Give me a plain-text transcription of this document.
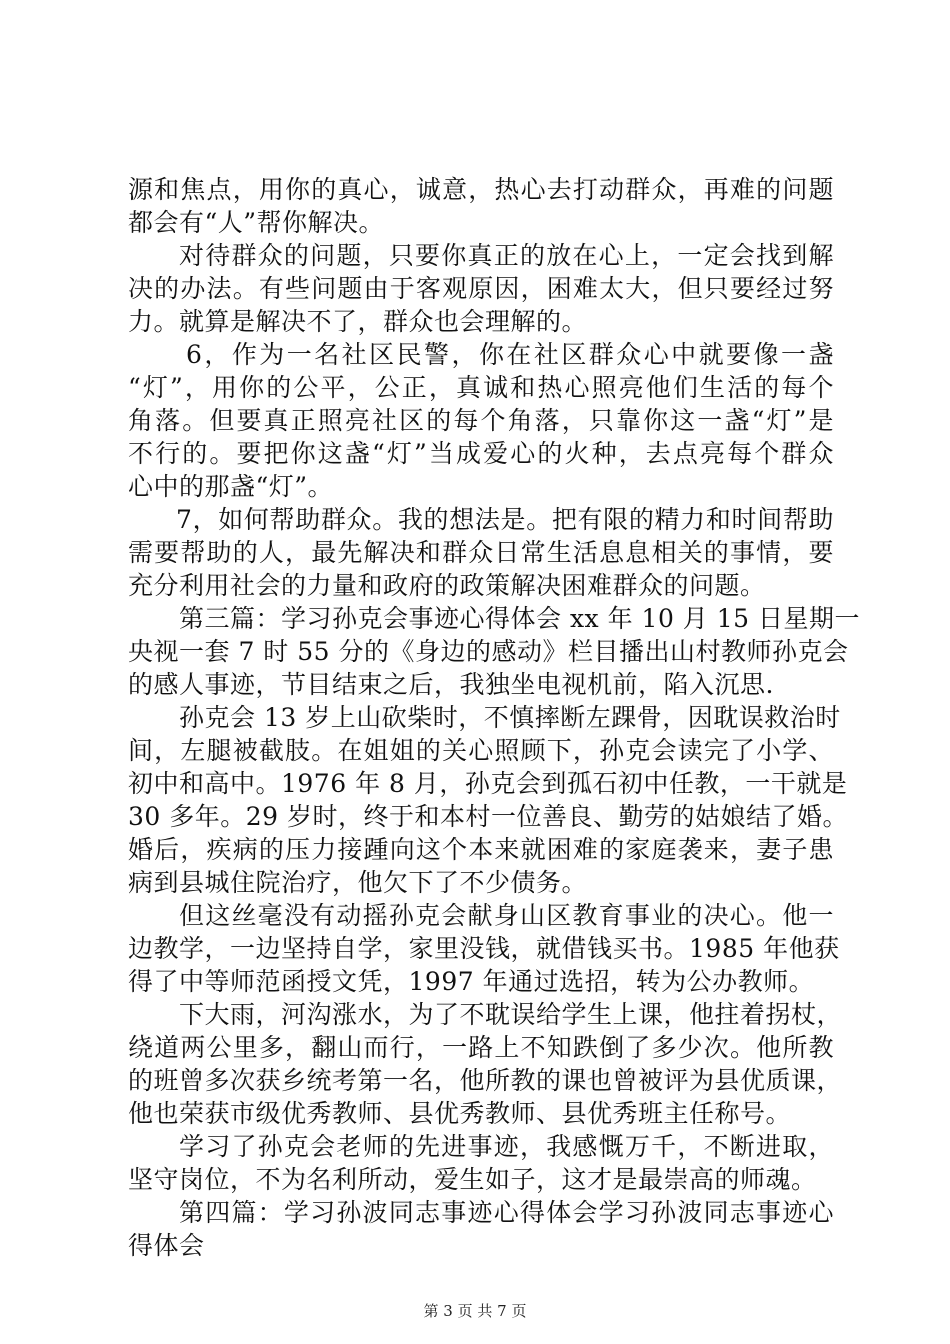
源和焦点，用你的真心，诚意，热心去打动群众，再难的问题
都会有“人”帮你解决。
对待群众的问题，只要你真正的放在心上，一定会找到解
决的办法。有些问题由于客观原因，困难太大，但只要经过努
力。就算是解决不了，群众也会理解的。
6，作为一名社区民警，你在社区群众心中就要像一盏
“灯”，用你的公平，公正，真诚和热心照亮他们生活的每个
角落。但要真正照亮社区的每个角落，只靠你这一盏“灯”是
不行的。要把你这盏“灯”当成爱心的火种，去点亮每个群众
心中的那盏“灯”。
7，如何帮助群众。我的想法是。把有限的精力和时间帮助
需要帮助的人，最先解决和群众日常生活息息相关的事情，要
充分利用社会的力量和政府的政策解决困难群众的问题。
第三篇：学习孙克会事迹心得体会 xx 年 10 月 15 日星期一
央视一套 7 时 55 分的《身边的感动》栏目播出山村教师孙克会
的感人事迹，节目结束之后，我独坐电视机前，陷入沉思.
孙克会 13 岁上山砍柴时，不慎摔断左踝骨，因耽误救治时
间，左腿被截肢。在姐姐的关心照顾下，孙克会读完了小学、
初中和高中。1976 年 8 月，孙克会到孤石初中任教，一干就是
30 多年。29 岁时，终于和本村一位善良、勤劳的姑娘结了婚。
婚后，疾病的压力接踵向这个本来就困难的家庭袭来，妻子患
病到县城住院治疗，他欠下了不少债务。
但这丝毫没有动摇孙克会献身山区教育事业的决心。他一
边教学，一边坚持自学，家里没钱，就借钱买书。1985 年他获
得了中等师范函授文凭，1997 年通过选招，转为公办教师。
下大雨，河沟涨水，为了不耽误给学生上课，他拄着拐杖，
绕道两公里多，翻山而行，一路上不知跌倒了多少次。他所教
的班曾多次获乡统考第一名，他所教的课也曾被评为县优质课，
他也荣获市级优秀教师、县优秀教师、县优秀班主任称号。
学习了孙克会老师的先进事迹，我感慨万千，不断进取，
坚守岗位，不为名利所动，爱生如子，这才是最崇高的师魂。
第四篇：学习孙波同志事迹心得体会学习孙波同志事迹心
得体会
第 3 页 共 7 页
